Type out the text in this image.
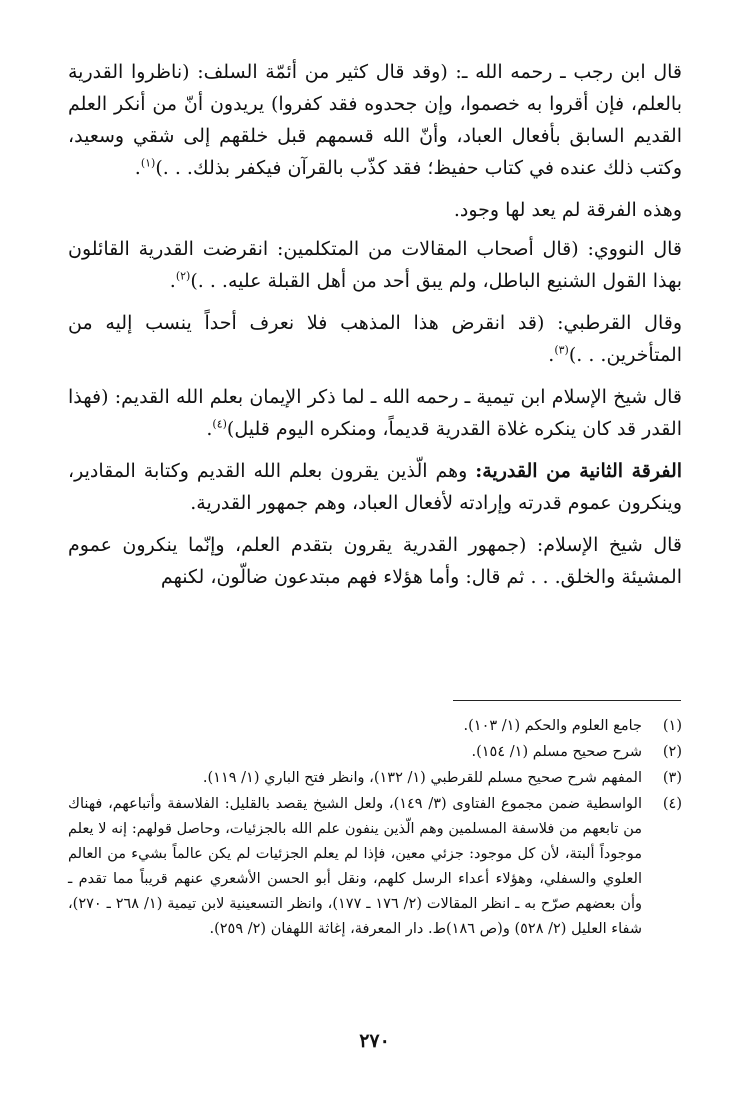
قال ابن رجب ـ رحمه الله ـ: (وقد قال كثير من أئمّة السلف: (ناظروا القدرية بالعلم، فإن أقروا به خصموا، وإن جحدوه فقد كفروا) يريدون أنّ من أنكر العلم القديم السابق بأفعال العباد، وأنّ الله قسمهم قبل خلقهم إلى شقي وسعيد، وكتب ذلك عنده في كتاب حفيظ؛ فقد كذّب بالقرآن فيكفر بذلك. . .)$^{(١)}$.

وهذه الفرقة لم يعد لها وجود.

قال النووي: (قال أصحاب المقالات من المتكلمين: انقرضت القدرية القائلون بهذا القول الشنيع الباطل، ولم يبق أحد من أهل القبلة عليه. . .)$^{(٢)}$.

وقال القرطبي: (قد انقرض هذا المذهب فلا نعرف أحداً ينسب إليه من المتأخرين. . .)$^{(٣)}$.

قال شيخ الإسلام ابن تيمية ـ رحمه الله ـ لما ذكر الإيمان بعلم الله القديم: (فهذا القدر قد كان ينكره غلاة القدرية قديماً، ومنكره اليوم قليل)$^{(٤)}$.

الفرقة الثانية من القدرية: وهم الّذين يقرون بعلم الله القديم وكتابة المقادير، وينكرون عموم قدرته وإرادته لأفعال العباد، وهم جمهور القدرية.

قال شيخ الإسلام: (جمهور القدرية يقرون بتقدم العلم، وإنّما ينكرون عموم المشيئة والخلق. . . ثم قال: وأما هؤلاء فهم مبتدعون ضالّون، لكنهم

(١)
جامع العلوم والحكم (١/ ١٠٣).
(٢)
شرح صحيح مسلم (١/ ١٥٤).
(٣)
المفهم شرح صحيح مسلم للقرطبي (١/ ١٣٢)، وانظر فتح الباري (١/ ١١٩).
(٤)
الواسطية ضمن مجموع الفتاوى (٣/ ١٤٩)، ولعل الشيخ يقصد بالقليل: الفلاسفة وأتباعهم، فهناك من تابعهم من فلاسفة المسلمين وهم الّذين ينفون علم الله بالجزئيات، وحاصل قولهم: إنه لا يعلم موجوداً ألبتة، لأن كل موجود: جزئي معين، فإذا لم يعلم الجزئيات لم يكن عالماً بشيء من العالم العلوي والسفلي، وهؤلاء أعداء الرسل كلهم، ونقل أبو الحسن الأشعري عنهم قريباً مما تقدم ـ وأن بعضهم صرّح به ـ انظر المقالات (٢/ ١٧٦ ـ ١٧٧)، وانظر التسعينية لابن تيمية (١/ ٢٦٨ ـ ٢٧٠)، شفاء العليل (٢/ ٥٢٨) و(ص ١٨٦)ط. دار المعرفة، إغاثة اللهفان (٢/ ٢٥٩).
٢٧٠
